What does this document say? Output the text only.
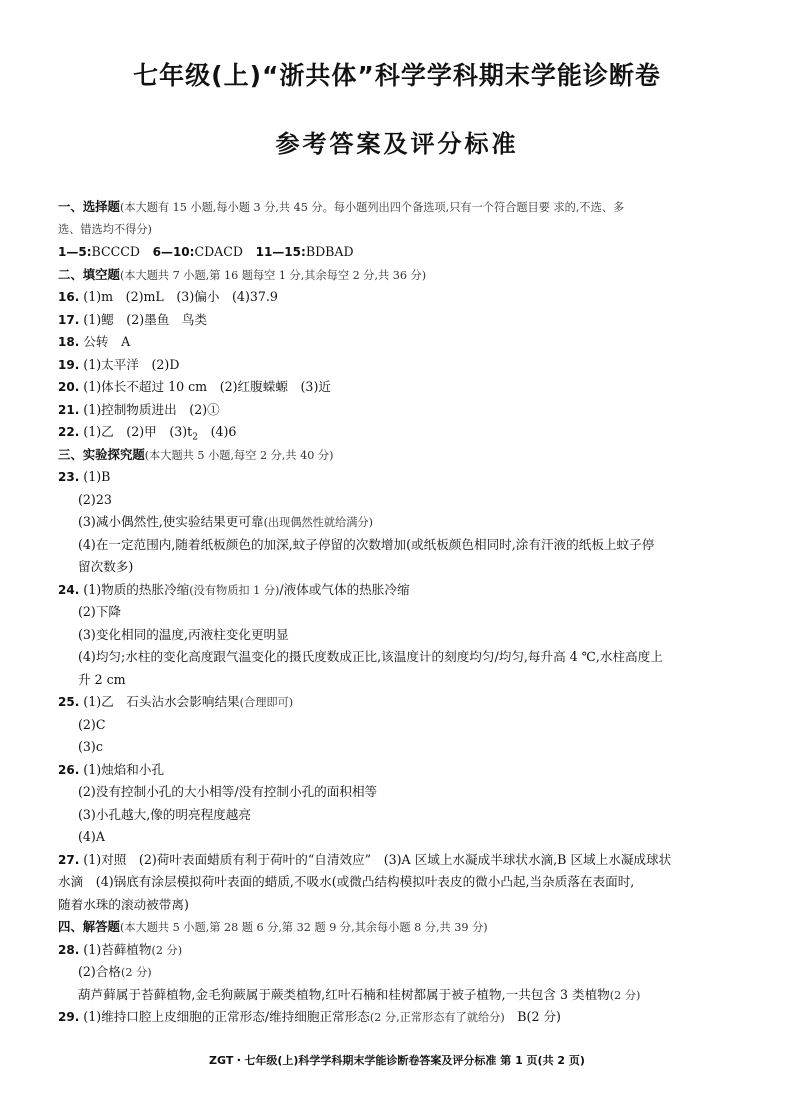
七年级(上)“浙共体”科学学科期末学能诊断卷
参考答案及评分标准
一、选择题(本大题有 15 小题,每小题 3 分,共 45 分。每小题列出四个备选项,只有一个符合题目要 求的,不选、多
选、错选均不得分)
1—5:BCCCD　 6—10:CDACD　 11—15:BDBAD
二、填空题(本大题共 7 小题,第 16 题每空 1 分,其余每空 2 分,共 36 分)
16. (1)m　(2)mL　(3)偏小　(4)37.9
17. (1)鳃　(2)墨鱼　鸟类
18. 公转　A
19. (1)太平洋　(2)D
20. (1)体长不超过 10 cm　(2)红腹蝾螈　(3)近
21. (1)控制物质进出　(2)①
22. (1)乙　(2)甲　$(3)t_2$　(4)6
三、实验探究题(本大题共 5 小题,每空 2 分,共 40 分)
23. (1)B
(2)23
(3)减小偶然性,使实验结果更可靠(出现偶然性就给满分)
(4)在一定范围内,随着纸板颜色的加深,蚊子停留的次数增加(或纸板颜色相同时,涂有汗液的纸板上蚊子停
留次数多)
24. (1)物质的热胀冷缩(没有物质扣 1 分)/液体或气体的热胀冷缩
(2)下降
(3)变化相同的温度,丙液柱变化更明显
(4)均匀;水柱的变化高度跟气温变化的摄氏度数成正比,该温度计的刻度均匀/均匀,每升高 4 ℃,水柱高度上
升 2 cm
25. (1)乙　石头沾水会影响结果(合理即可)
(2)C
(3)c
26. (1)烛焰和小孔
(2)没有控制小孔的大小相等/没有控制小孔的面积相等
(3)小孔越大,像的明亮程度越亮
(4)A
27. (1)对照　(2)荷叶表面蜡质有利于荷叶的“自清效应”　(3)A 区域上水凝成半球状水滴,B 区域上水凝成球状
水滴　(4)锅底有涂层模拟荷叶表面的蜡质,不吸水(或微凸结构模拟叶表皮的微小凸起,当杂质落在表面时,
随着水珠的滚动被带离)
四、解答题(本大题共 5 小题,第 28 题 6 分,第 32 题 9 分,其余每小题 8 分,共 39 分)
28. (1)苔藓植物(2 分)
(2)合格(2 分)
葫芦藓属于苔藓植物,金毛狗蕨属于蕨类植物,红叶石楠和桂树都属于被子植物,一共包含 3 类植物(2 分)
29. (1)维持口腔上皮细胞的正常形态/维持细胞正常形态(2 分,正常形态有了就给分)　B(2 分)
ZGT・七年级(上)科学学科期末学能诊断卷答案及评分标准 第 1 页(共 2 页)
